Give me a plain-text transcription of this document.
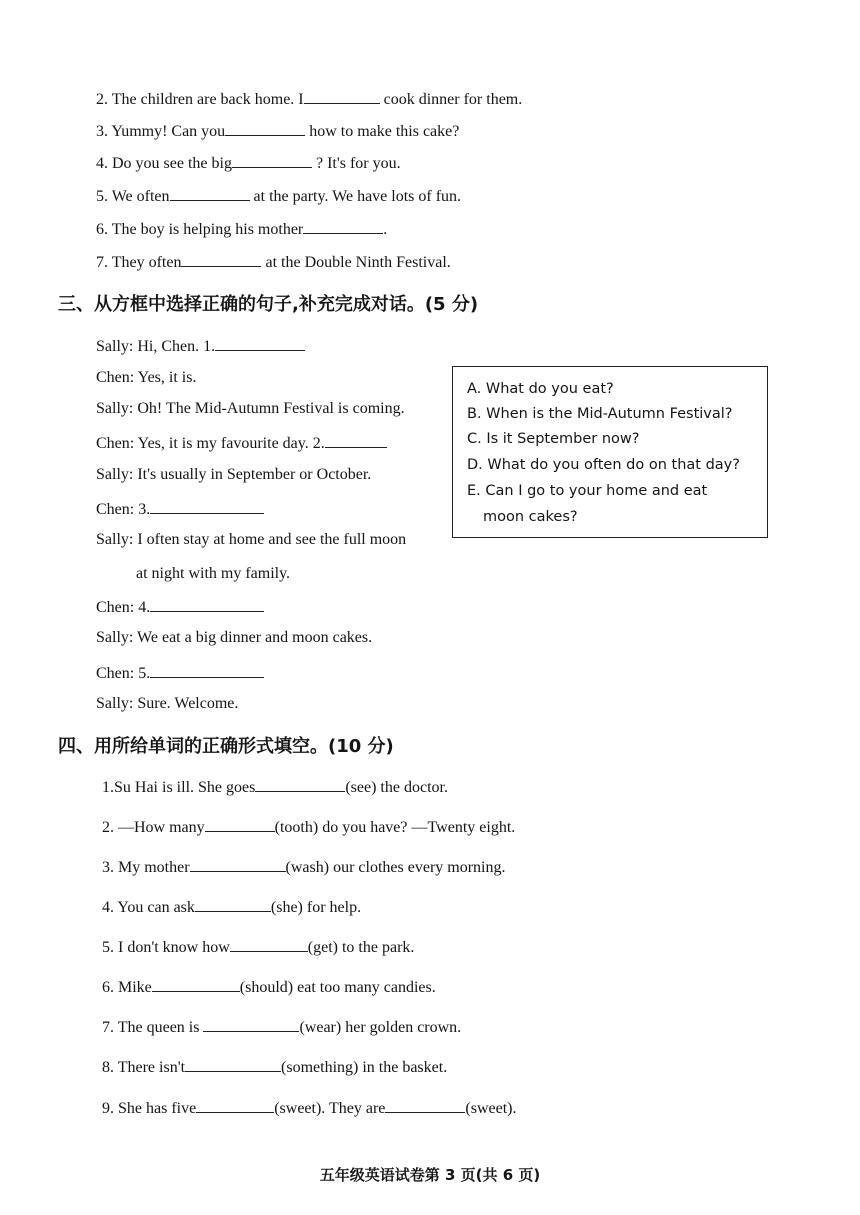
2. The children are back home. I	cook dinner for them.
3. Yummy! Can you	how to make this cake?
4. Do you see the big	? It's for you.
5. We often	at the party. We have lots of fun.
6. The boy is helping his mother	.
7. They often	at the Double Ninth Festival.
三、从方框中选择正确的句子,补充完成对话。(5 分)
Sally: Hi, Chen. 1.
Chen: Yes, it is.
Sally: Oh! The Mid-Autumn Festival is coming.
Chen: Yes, it is my favourite day. 2.
Sally: It's usually in September or October.
Chen: 3.
Sally: I often stay at home and see the full moon
at night with my family.
Chen: 4.
Sally: We eat a big dinner and moon cakes.
Chen: 5.
Sally: Sure. Welcome.
A. What do you eat?
B. When is the Mid-Autumn Festival?
C. Is it September now?
D. What do you often do on that day?
E. Can I go to your home and eat
moon cakes?
四、用所给单词的正确形式填空。(10 分)
1.Su Hai is ill. She goes	(see) the doctor.
2. —How many	(tooth) do you have? —Twenty eight.
3. My mother	(wash) our clothes every morning.
4. You can ask	(she) for help.
5. I don't know how	(get) to the park.
6. Mike	(should) eat too many candies.
7. The queen is	(wear) her golden crown.
8. There isn't	(something) in the basket.
9. She has five	(sweet). They are	(sweet).
五年级英语试卷第 3 页(共 6 页)
